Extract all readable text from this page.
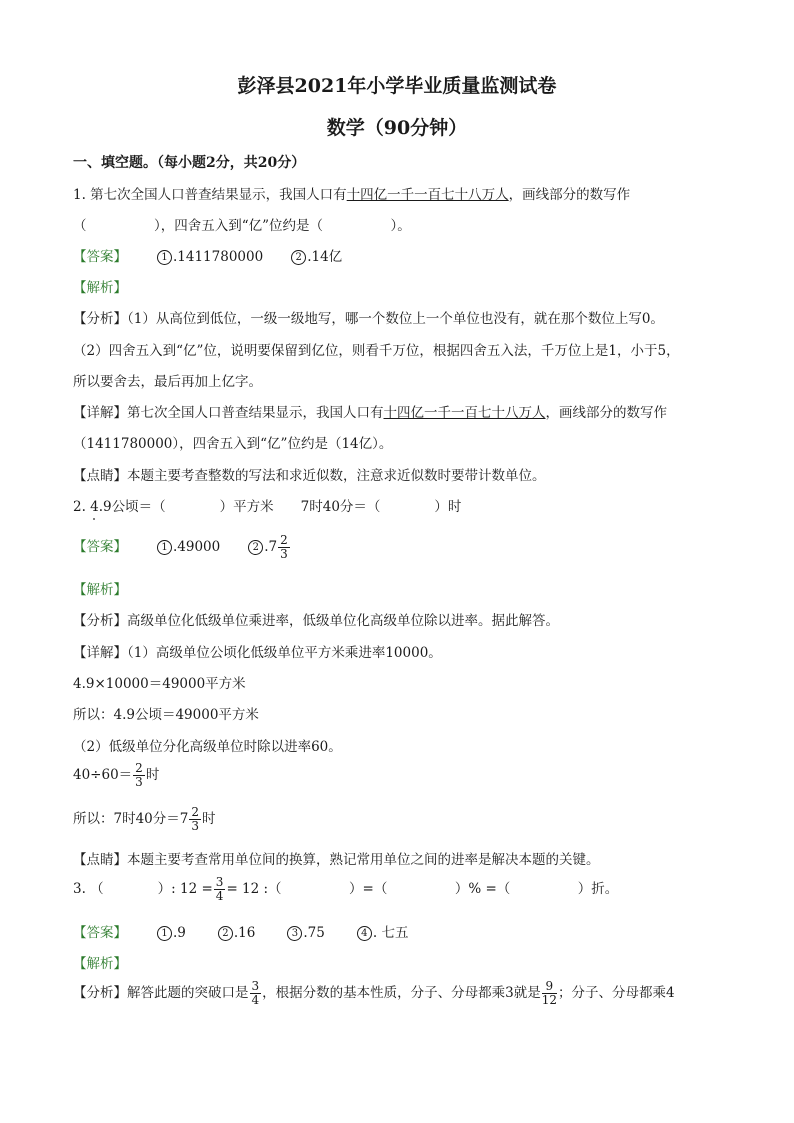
彭泽县2021年小学毕业质量监测试卷
数学（90分钟）
一、填空题。（每小题2分，共20分）
1. 第七次全国人口普查结果显示，我国人口有十四亿一千一百七十八万人，画线部分的数写作
（　　　　　），四舍五入到“亿”位约是（　　　　　）。
【答案】	1 .1411780000	2 .14亿
【解析】
【分析】（1）从高位到低位，一级一级地写，哪一个数位上一个单位也没有，就在那个数位上写0。
（2）四舍五入到“亿”位，说明要保留到亿位，则看千万位，根据四舍五入法，千万位上是1，小于5，
所以要舍去，最后再加上亿字。
【详解】第七次全国人口普查结果显示，我国人口有十四亿一千一百七十八万人，画线部分的数写作
（1411780000），四舍五入到“亿”位约是（14亿）。
【点睛】本题主要考查整数的写法和求近似数，注意求近似数时要带计数单位。
2. 4.9公顷＝（　　　　）平方米　　7时40分＝（　　　　）时
【答案】	1 .49000	2 $.7 \frac{2}{3}$
【解析】
【分析】高级单位化低级单位乘进率，低级单位化高级单位除以进率。据此解答。
【详解】（1）高级单位公顷化低级单位平方米乘进率10000。
4.9×10000＝49000平方米
所以：4.9公顷＝49000平方米
（2）低级单位分化高级单位时除以进率60。
$40\div 60= \frac{2}{3}$ 时
所以：7时40分$=7 \frac{2}{3}$ 时
【点睛】本题主要考查常用单位间的换算，熟记常用单位之间的进率是解决本题的关键。
3. （　　　　）: $12 = \frac{3}{4} = 12$ :（　　　　　）=（　　　　　）% =（　　　　　）折。
【答案】	1 .9	2 .16	3 .75	4 . 七五
【解析】
【分析】解答此题的突破口是 $\frac{3}{4}$ ，根据分数的基本性质，分子、分母都乘3就是 $\frac{9}{12}$ ；分子、分母都乘4
